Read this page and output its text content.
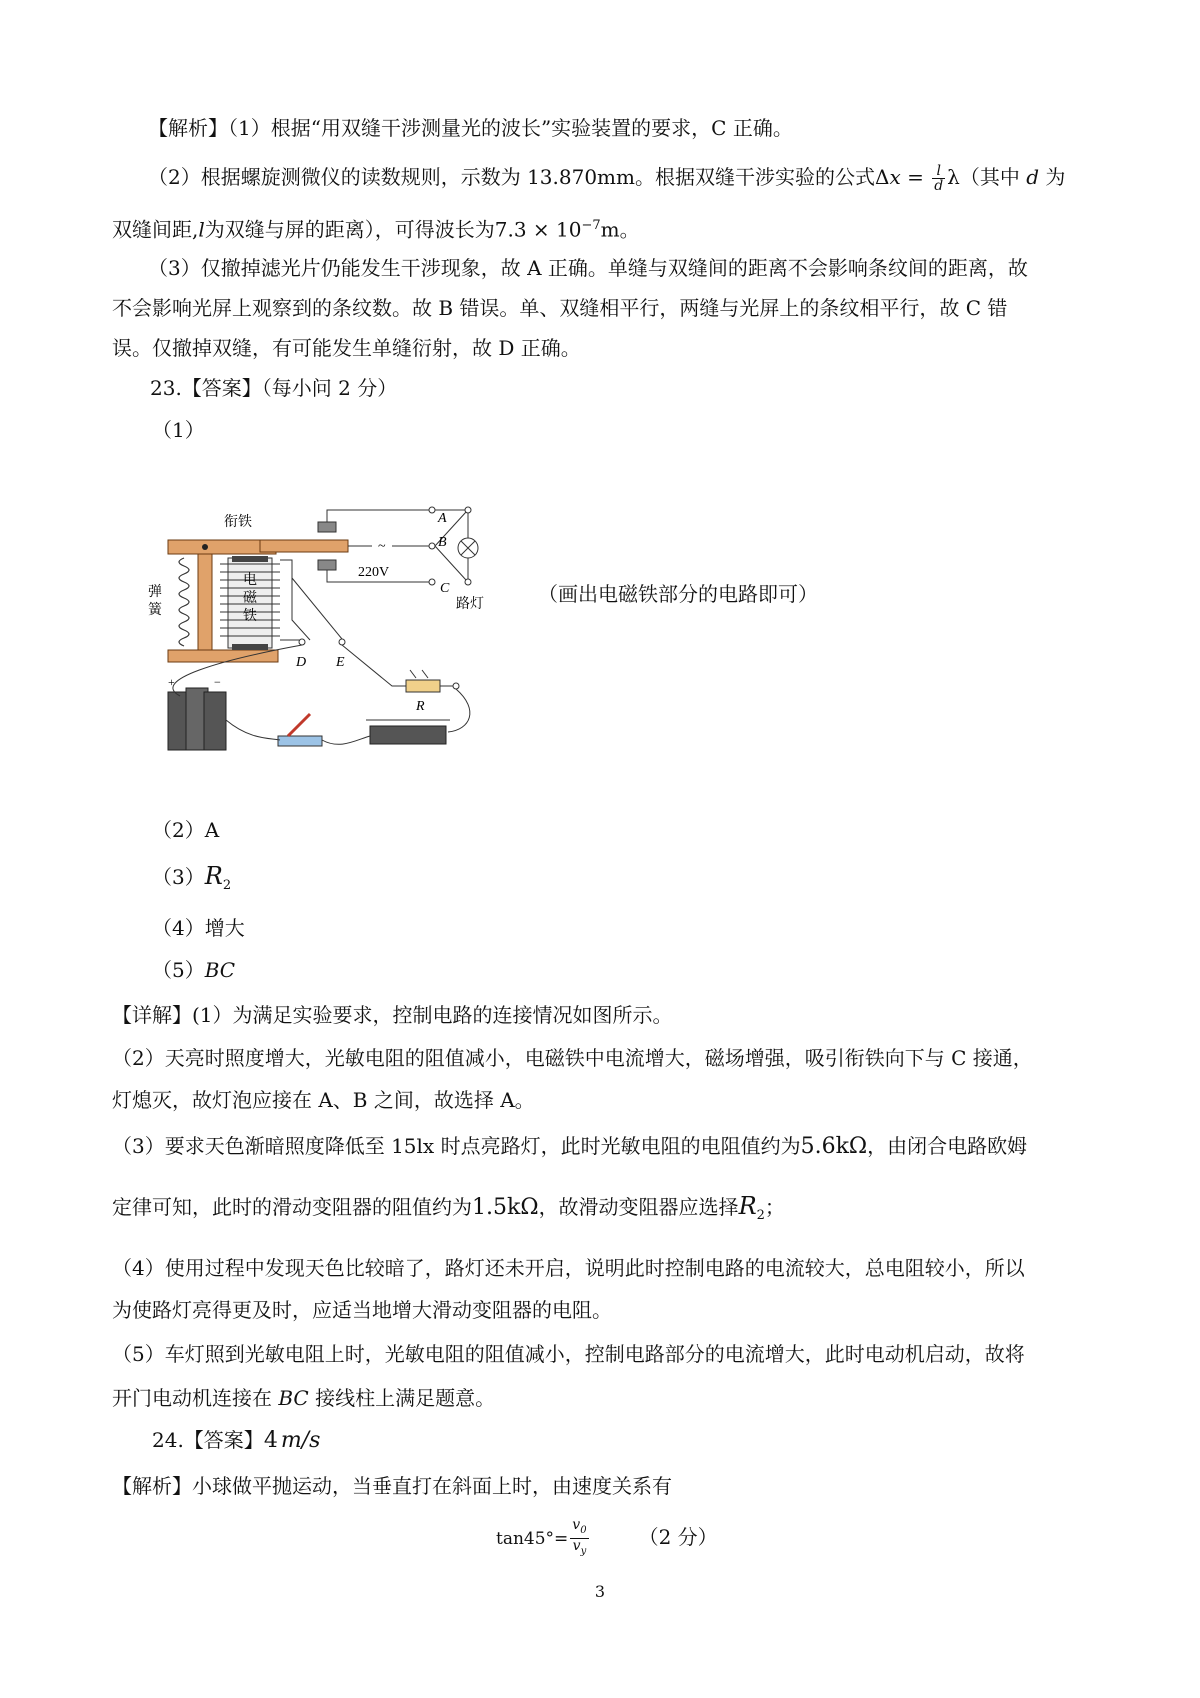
【解析】（1）根据“用双缝干涉测量光的波长”实验装置的要求，C 正确。
（2）根据螺旋测微仪的读数规则，示数为 13.870mm。根据双缝干涉实验的公式$\Delta x = \frac{l}{d} \lambda$（其中 d 为
双缝间距,l为双缝与屏的距离），可得波长为$7.3 \times 10^{-7}m$。
（3）仅撤掉滤光片仍能发生干涉现象，故 A 正确。单缝与双缝间的距离不会影响条纹间的距离，故
不会影响光屏上观察到的条纹数。故 B 错误。单、双缝相平行，两缝与光屏上的条纹相平行，故 C 错
误。仅撤掉双缝，有可能发生单缝衍射，故 D 正确。
23.【答案】（每小问 2 分）
（1）
衔铁
弹
簧
电
磁
铁
~
220V
A
B
C
D E
R
路灯
+	−
（画出电磁铁部分的电路即可）
（2）A
$(3)R_2$
（4）增大
（5）BC
【详解】(1）为满足实验要求，控制电路的连接情况如图所示。
（2）天亮时照度增大，光敏电阻的阻值减小，电磁铁中电流增大，磁场增强，吸引衔铁向下与 C 接通，
灯熄灭，故灯泡应接在 A、B 之间，故选择 A。
（3）要求天色渐暗照度降低至 15lx 时点亮路灯，此时光敏电阻的电阻值约为5.6kΩ，由闭合电路欧姆
定律可知，此时的滑动变阻器的阻值约为1.5kΩ，故滑动变阻器应选择$R_2$；
（4）使用过程中发现天色比较暗了，路灯还未开启，说明此时控制电路的电流较大，总电阻较小，所以
为使路灯亮得更及时，应适当地增大滑动变阻器的电阻。
（5）车灯照到光敏电阻上时，光敏电阻的阻值减小，控制电路部分的电流增大，此时电动机启动，故将
开门电动机连接在 BC 接线柱上满足题意。
24.【答案】4 m/s
【解析】小球做平抛运动，当垂直打在斜面上时，由速度关系有
$\tan 45^\circ= \frac{v_0}{v_y}$	（2 分）
3
